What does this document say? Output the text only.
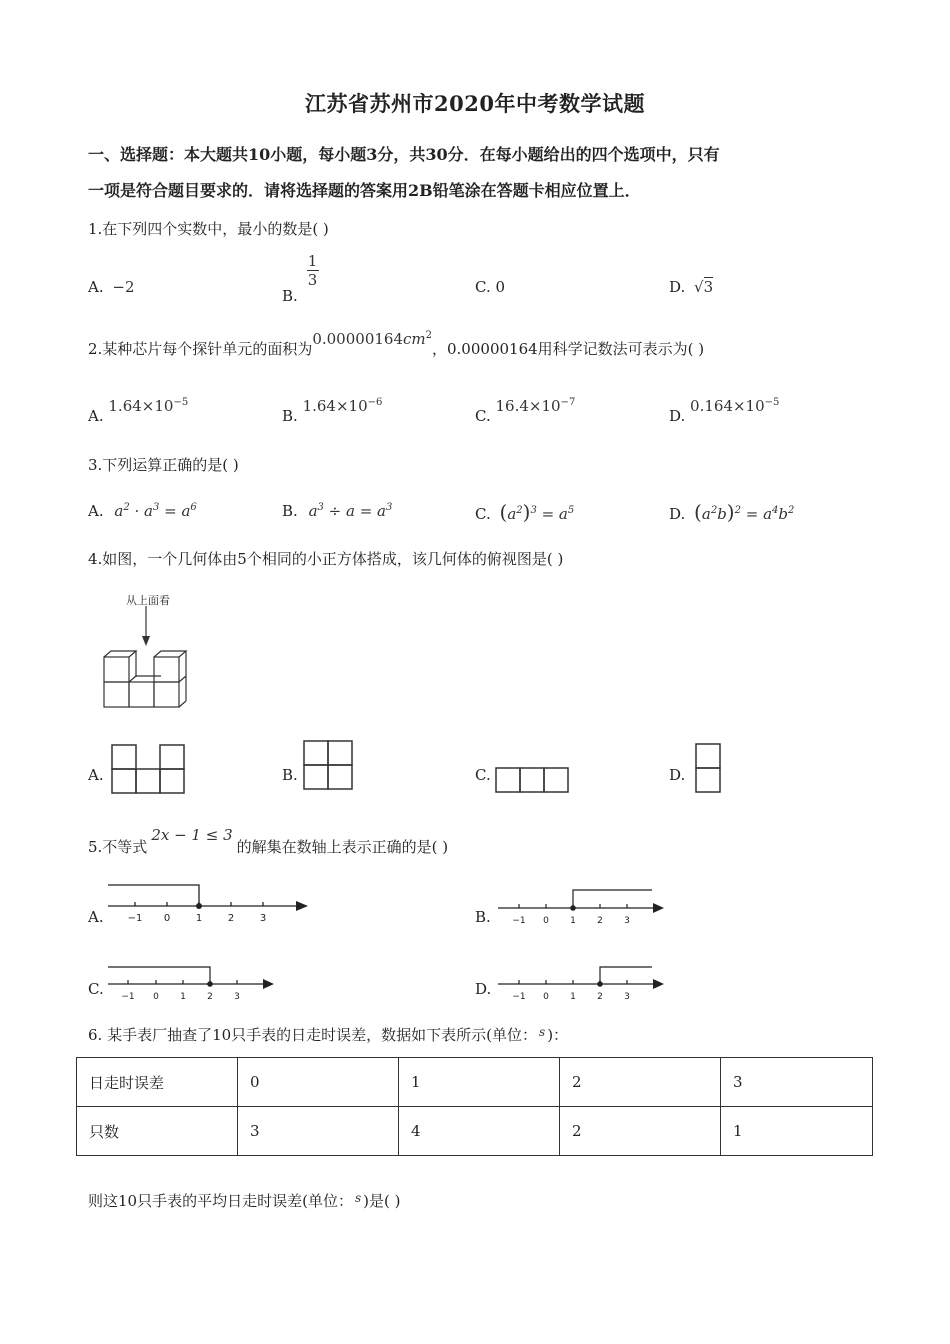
江苏省苏州市2020年中考数学试题
一、选择题：本大题共10小题，每小题3分，共30分．在每小题给出的四个选项中，只有
一项是符合题目要求的．请将选择题的答案用2B铅笔涂在答题卡相应位置上．
1.在下列四个实数中，最小的数是( )
A. −2	B. $\frac{1}{3}$	C. 0	D. √3
2.某种芯片每个探针单元的面积为$0.00000164cm^2$，0.00000164用科学记数法可表示为( )
A. $1.64\times 10^{-5}$
B. $1.64\times 10^{-6}$
C. $16.4\times 10^{-7}$
D. $0.164\times 10^{-5}$
3.下列运算正确的是( )
A. $a^2 \cdot a^3 = a^6$	B. $a^3 \div a = a^3$	C. $(a^2)^3 = a^5$	D. $(a^2b)^2 = a^4b^2$
4.如图，一个几何体由5个相同的小正方体搭成，该几何体的俯视图是( )
从上面看
A.	B.	C.	D.
5.不等式2x − 1 ≤ 3的解集在数轴上表示正确的是( )
A. −1 0	1	2	3	B. −1 0 1 2 3
C. −1 0 1 2 3	D. −1 0 1 2 3
6. 某手表厂抽查了10只手表的日走时误差，数据如下表所示(单位： $^s$ )：
日走时误差	0	1	2	3
只数	3	4	2	1
则这10只手表的平均日走时误差(单位： $^s$ )是( )
